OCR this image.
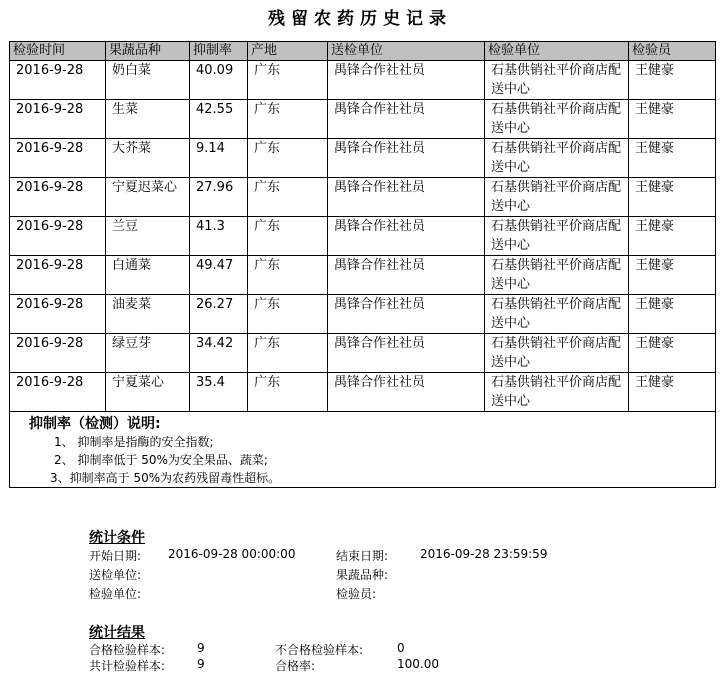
残留农药历史记录
检验时间	果蔬品种	抑制率	产地	送检单位	检验单位	检验员
2016-9-28	奶白菜	40.09	广东	禺锋合作社社员	石基供销社平价商店配送中心	王健豪
2016-9-28	生菜	42.55	广东	禺锋合作社社员	石基供销社平价商店配送中心	王健豪
2016-9-28	大芥菜	9.14	广东	禺锋合作社社员	石基供销社平价商店配送中心	王健豪
2016-9-28	宁夏迟菜心	27.96	广东	禺锋合作社社员	石基供销社平价商店配送中心	王健豪
2016-9-28	兰豆	41.3	广东	禺锋合作社社员	石基供销社平价商店配送中心	王健豪
2016-9-28	白通菜	49.47	广东	禺锋合作社社员	石基供销社平价商店配送中心	王健豪
2016-9-28	油麦菜	26.27	广东	禺锋合作社社员	石基供销社平价商店配送中心	王健豪
2016-9-28	绿豆芽	34.42	广东	禺锋合作社社员	石基供销社平价商店配送中心	王健豪
2016-9-28	宁夏菜心	35.4	广东	禺锋合作社社员	石基供销社平价商店配送中心	王健豪
抑制率（检测）说明:
1、 抑制率是指酶的安全指数;
2、 抑制率低于 50%为安全果品、蔬菜;
3、抑制率高于 50%为农药残留毒性超标。
统计条件
开始日期: 2016-09-28 00:00:00	结束日期:	2016-09-28 23:59:59
送检单位:	果蔬品种:
检验单位:	检验员:
统计结果
合格检验样本:	9	不合格检验样本:	0
共计检验样本:	9	合格率:	100.00
